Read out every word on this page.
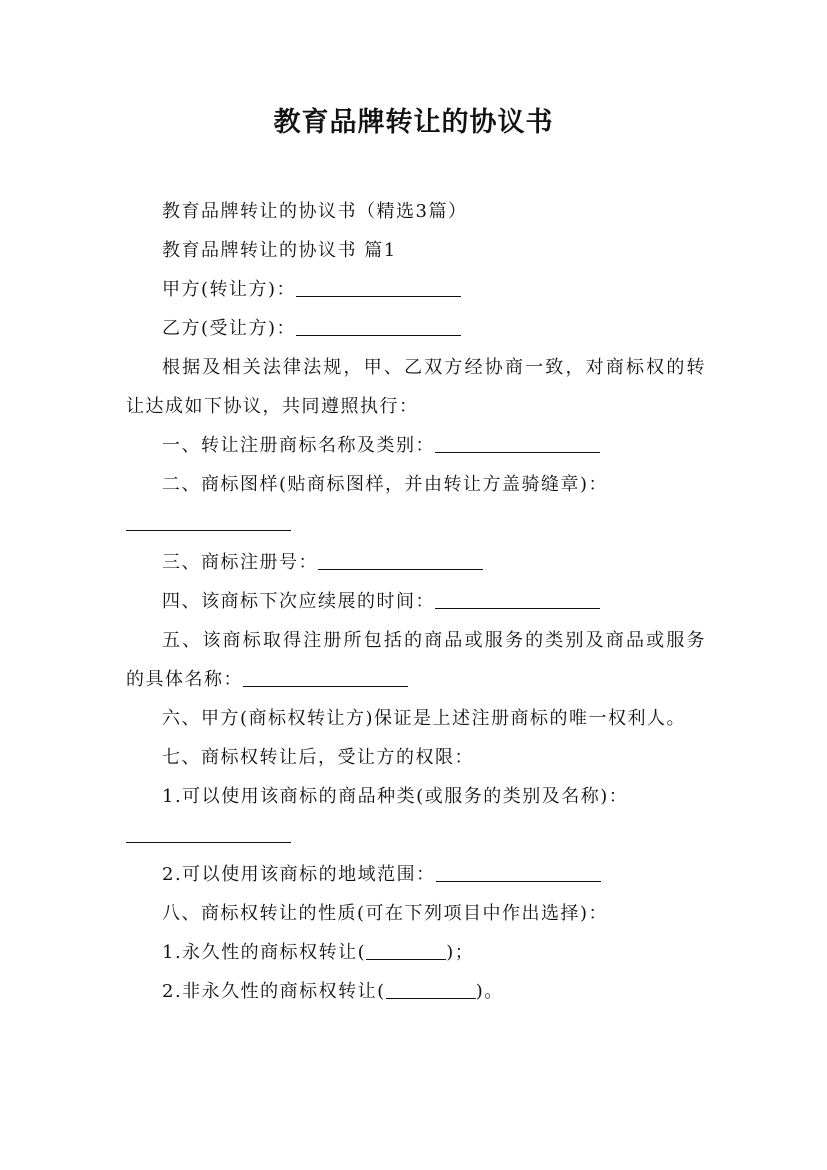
教育品牌转让的协议书

教育品牌转让的协议书（精选3篇）

教育品牌转让的协议书 篇1

甲方(转让方)：

乙方(受让方)：

根据及相关法律法规，甲、乙双方经协商一致，对商标权的转让达成如下协议，共同遵照执行：

一、转让注册商标名称及类别：

二、商标图样(贴商标图样，并由转让方盖骑缝章)：

三、商标注册号：

四、该商标下次应续展的时间：

五、该商标取得注册所包括的商品或服务的类别及商品或服务的具体名称：

六、甲方(商标权转让方)保证是上述注册商标的唯一权利人。

七、商标权转让后，受让方的权限：

1.可以使用该商标的商品种类(或服务的类别及名称)：

2.可以使用该商标的地域范围：

八、商标权转让的性质(可在下列项目中作出选择)：

1.永久性的商标权转让(	)；

2.非永久性的商标权转让(	)。
